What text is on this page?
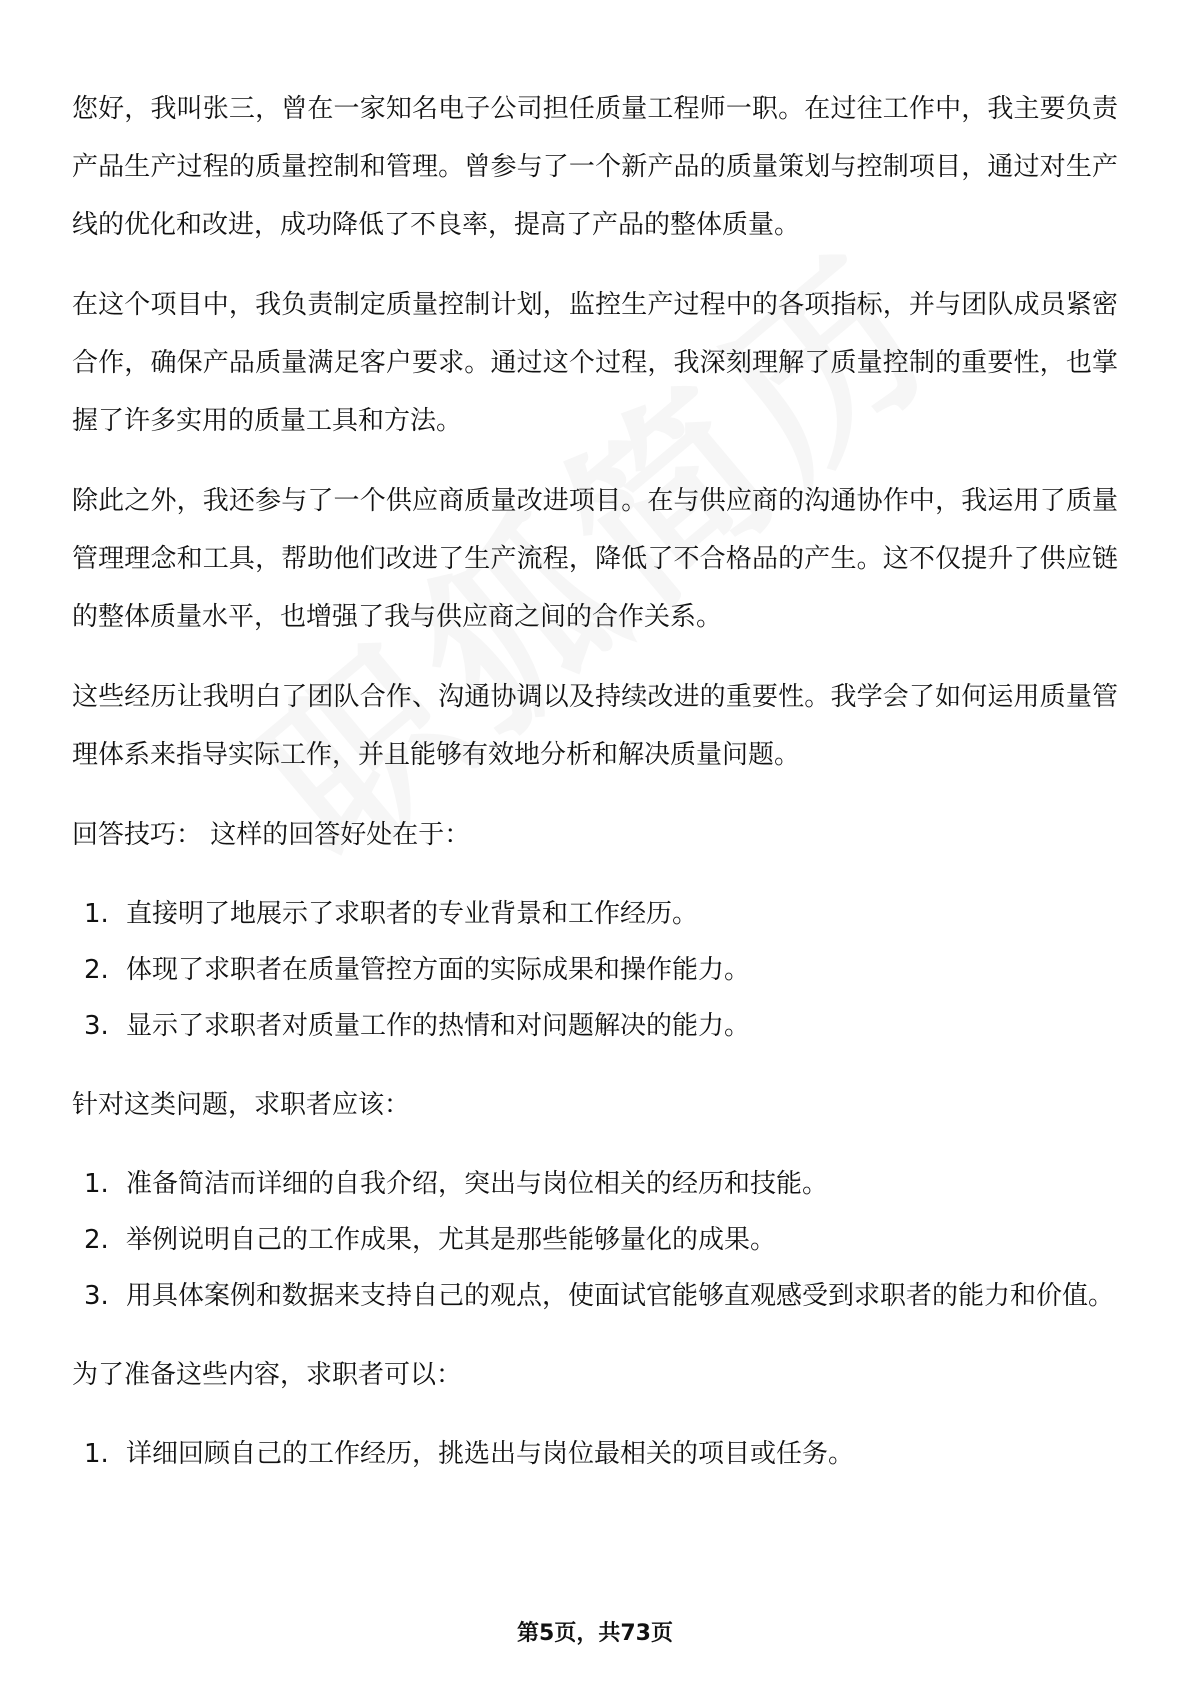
您好，我叫张三，曾在一家知名电子公司担任质量工程师一职。在过往工作中，我主要负责产品生产过程的质量控制和管理。曾参与了一个新产品的质量策划与控制项目，通过对生产线的优化和改进，成功降低了不良率，提高了产品的整体质量。

在这个项目中，我负责制定质量控制计划，监控生产过程中的各项指标，并与团队成员紧密合作，确保产品质量满足客户要求。通过这个过程，我深刻理解了质量控制的重要性，也掌握了许多实用的质量工具和方法。

除此之外，我还参与了一个供应商质量改进项目。在与供应商的沟通协作中，我运用了质量管理理念和工具，帮助他们改进了生产流程，降低了不合格品的产生。这不仅提升了供应链的整体质量水平，也增强了我与供应商之间的合作关系。

这些经历让我明白了团队合作、沟通协调以及持续改进的重要性。我学会了如何运用质量管理体系来指导实际工作，并且能够有效地分析和解决质量问题。

回答技巧： 这样的回答好处在于：

1. 直接明了地展示了求职者的专业背景和工作经历。
2. 体现了求职者在质量管控方面的实际成果和操作能力。
3. 显示了求职者对质量工作的热情和对问题解决的能力。

针对这类问题，求职者应该：

1. 准备简洁而详细的自我介绍，突出与岗位相关的经历和技能。
2. 举例说明自己的工作成果，尤其是那些能够量化的成果。
3. 用具体案例和数据来支持自己的观点，使面试官能够直观感受到求职者的能力和价值。

为了准备这些内容，求职者可以：

1. 详细回顾自己的工作经历，挑选出与岗位最相关的项目或任务。
第5页，共73页
